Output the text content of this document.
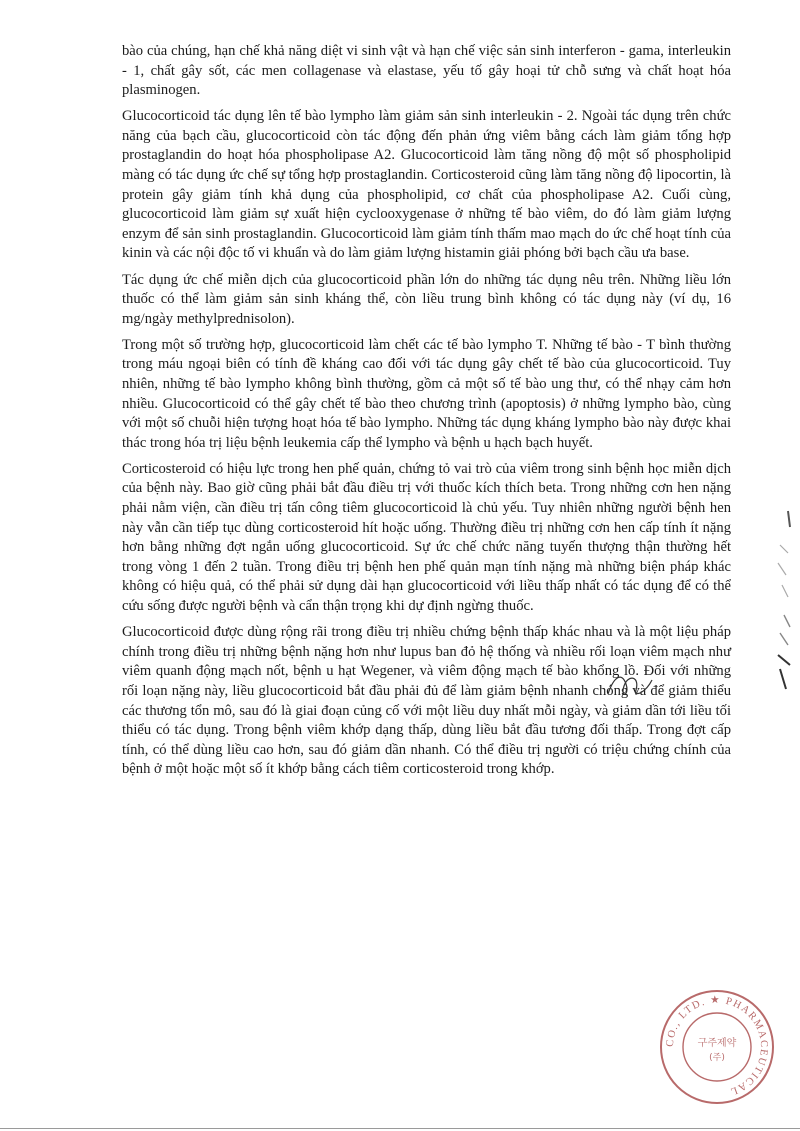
bào của chúng, hạn chế khả năng diệt vi sinh vật và hạn chế việc sản sinh interferon - gama, interleukin - 1, chất gây sốt, các men collagenase và elastase, yếu tố gây hoại tử chỗ sưng và chất hoạt hóa plasminogen.

Glucocorticoid tác dụng lên tế bào lympho làm giảm sản sinh interleukin - 2. Ngoài tác dụng trên chức năng của bạch cầu, glucocorticoid còn tác động đến phản ứng viêm bằng cách làm giảm tổng hợp prostaglandin do hoạt hóa phospholipase A2. Glucocorticoid làm tăng nồng độ một số phospholipid màng có tác dụng ức chế sự tổng hợp prostaglandin. Corticosteroid cũng làm tăng nồng độ lipocortin, là protein gây giảm tính khả dụng của phospholipid, cơ chất của phospholipase A2. Cuối cùng, glucocorticoid làm giảm sự xuất hiện cyclooxygenase ở những tế bào viêm, do đó làm giảm lượng enzym để sản sinh prostaglandin. Glucocorticoid làm giảm tính thấm mao mạch do ức chế hoạt tính của kinin và các nội độc tố vi khuẩn và do làm giảm lượng histamin giải phóng bởi bạch cầu ưa base.

Tác dụng ức chế miễn dịch của glucocorticoid phần lớn do những tác dụng nêu trên. Những liều lớn thuốc có thể làm giảm sản sinh kháng thể, còn liều trung bình không có tác dụng này (ví dụ, 16 mg/ngày methylprednisolon).

Trong một số trường hợp, glucocorticoid làm chết các tế bào lympho T. Những tế bào - T bình thường trong máu ngoại biên có tính đề kháng cao đối với tác dụng gây chết tế bào của glucocorticoid. Tuy nhiên, những tế bào lympho không bình thường, gồm cả một số tế bào ung thư, có thể nhạy cảm hơn nhiều. Glucocorticoid có thể gây chết tế bào theo chương trình (apoptosis) ở những lympho bào, cùng với một số chuỗi hiện tượng hoạt hóa tế bào lympho. Những tác dụng kháng lympho bào này được khai thác trong hóa trị liệu bệnh leukemia cấp thể lympho và bệnh u hạch bạch huyết.

Corticosteroid có hiệu lực trong hen phế quản, chứng tỏ vai trò của viêm trong sinh bệnh học miễn dịch của bệnh này. Bao giờ cũng phải bắt đầu điều trị với thuốc kích thích beta. Trong những cơn hen nặng phải nằm viện, cần điều trị tấn công tiêm glucocorticoid là chủ yếu. Tuy nhiên những người bệnh hen này vẫn cần tiếp tục dùng corticosteroid hít hoặc uống. Thường điều trị những cơn hen cấp tính ít nặng hơn bằng những đợt ngắn uống glucocorticoid. Sự ức chế chức năng tuyến thượng thận thường hết trong vòng 1 đến 2 tuần. Trong điều trị bệnh hen phế quản mạn tính nặng mà những biện pháp khác không có hiệu quả, có thể phải sử dụng dài hạn glucocorticoid với liều thấp nhất có tác dụng để có thể cứu sống được người bệnh và cẩn thận trọng khi dự định ngừng thuốc.

Glucocorticoid được dùng rộng rãi trong điều trị nhiều chứng bệnh thấp khác nhau và là một liệu pháp chính trong điều trị những bệnh nặng hơn như lupus ban đỏ hệ thống và nhiều rối loạn viêm mạch như viêm quanh động mạch nốt, bệnh u hạt Wegener, và viêm động mạch tế bào khổng lồ. Đối với những rối loạn nặng này, liều glucocorticoid bắt đầu phải đủ để làm giảm bệnh nhanh chóng và để giảm thiểu các thương tổn mô, sau đó là giai đoạn củng cố với một liều duy nhất mỗi ngày, và giảm dần tới liều tối thiểu có tác dụng. Trong bệnh viêm khớp dạng thấp, dùng liều bắt đầu tương đối thấp. Trong đợt cấp tính, có thể dùng liều cao hơn, sau đó giảm dần nhanh. Có thể điều trị người có triệu chứng chính của bệnh ở một hoặc một số ít khớp bằng cách tiêm corticosteroid trong khớp.

CO., LTD. ★ PHARMACEUTICAL
구주제약
(주)
